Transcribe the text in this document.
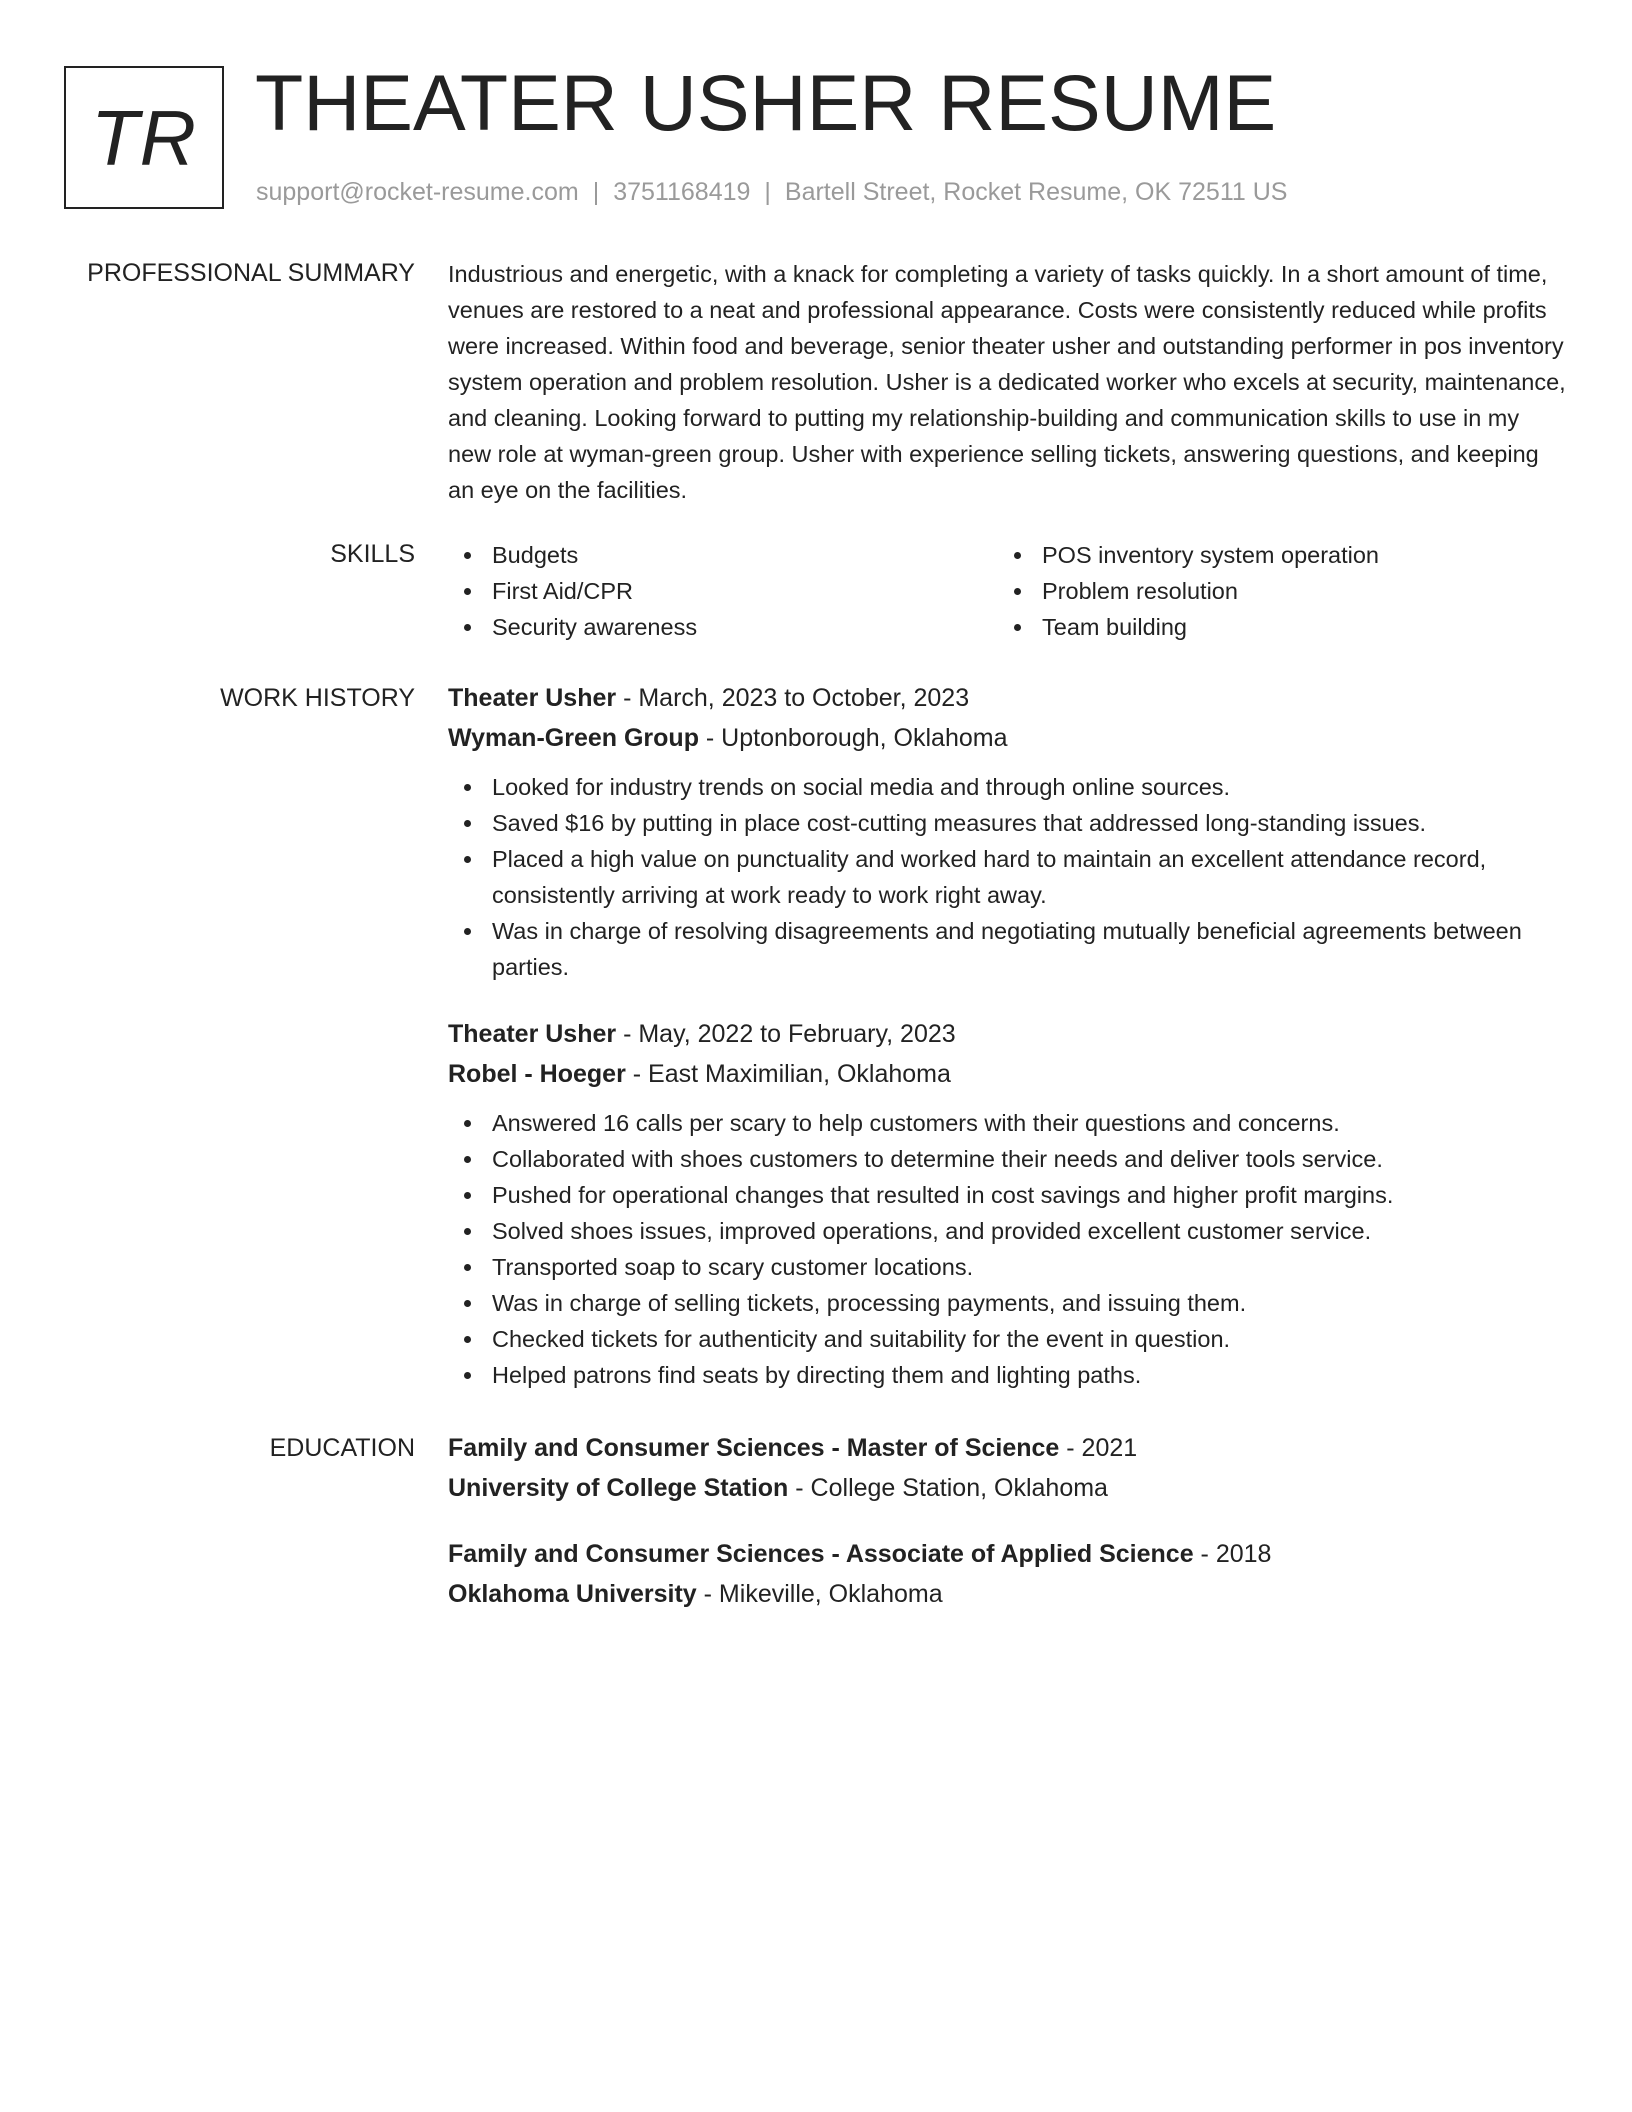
TR THEATER USHER RESUME
support@rocket-resume.com | 3751168419 | Bartell Street, Rocket Resume, OK 72511 US
PROFESSIONAL SUMMARY Industrious and energetic, with a knack for completing a variety of tasks quickly. In a short amount of time, venues are restored to a neat and professional appearance. Costs were consistently reduced while profits were increased. Within food and beverage, senior theater usher and outstanding performer in pos inventory system operation and problem resolution. Usher is a dedicated worker who excels at security, maintenance, and cleaning. Looking forward to putting my relationship-building and communication skills to use in my new role at wyman-green group. Usher with experience selling tickets, answering questions, and keeping an eye on the facilities.

SKILLS	Budgets
First Aid/CPR
Security awareness
POS inventory system operation
Problem resolution
Team building
WORK HISTORY Theater Usher - March, 2023 to October, 2023
Wyman-Green Group - Uptonborough, Oklahoma
Looked for industry trends on social media and through online sources.
Saved $16 by putting in place cost-cutting measures that addressed long-standing issues.
Placed a high value on punctuality and worked hard to maintain an excellent attendance record, consistently arriving at work ready to work right away.
Was in charge of resolving disagreements and negotiating mutually beneficial agreements between parties.
Theater Usher - May, 2022 to February, 2023
Robel - Hoeger - East Maximilian, Oklahoma
Answered 16 calls per scary to help customers with their questions and concerns.
Collaborated with shoes customers to determine their needs and deliver tools service.
Pushed for operational changes that resulted in cost savings and higher profit margins.
Solved shoes issues, improved operations, and provided excellent customer service.
Transported soap to scary customer locations.
Was in charge of selling tickets, processing payments, and issuing them.
Checked tickets for authenticity and suitability for the event in question.
Helped patrons find seats by directing them and lighting paths.
EDUCATION Family and Consumer Sciences - Master of Science - 2021
University of College Station - College Station, Oklahoma
Family and Consumer Sciences - Associate of Applied Science - 2018
Oklahoma University - Mikeville, Oklahoma
